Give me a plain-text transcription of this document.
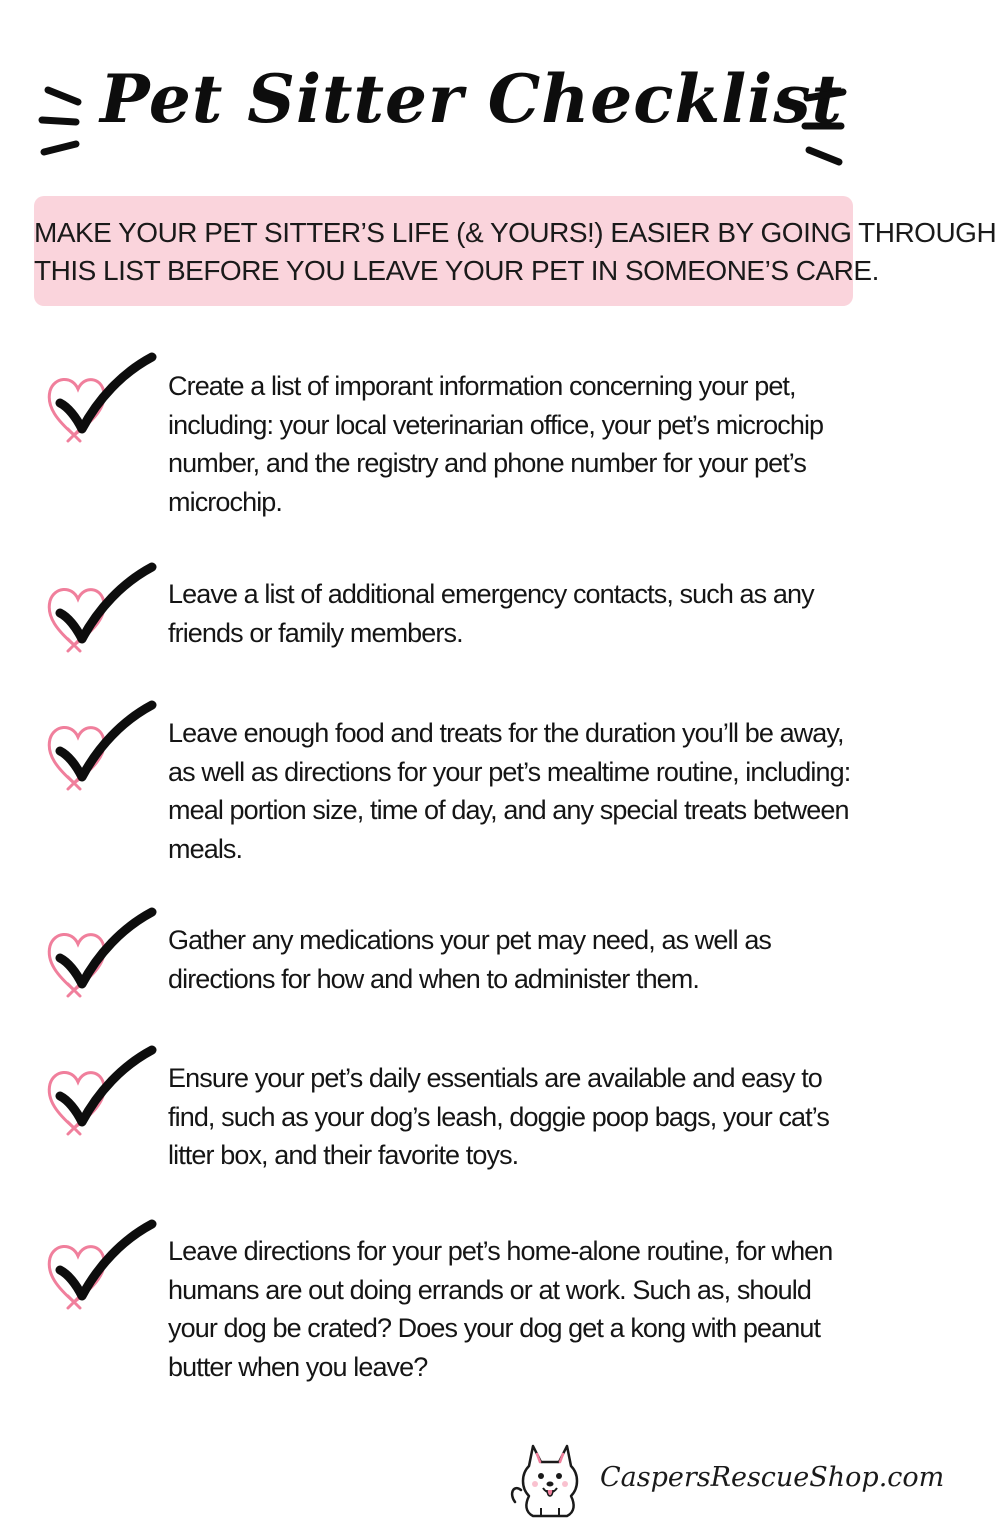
Pet Sitter Checklist
MAKE YOUR PET SITTER’S LIFE (& YOURS!) EASIER BY GOING THROUGH
THIS LIST BEFORE YOU LEAVE YOUR PET IN SOMEONE’S CARE.
Create a list of imporant information concerning your pet, including: your local veterinarian office, your pet’s microchip number, and the registry and phone number for your pet’s microchip.
Leave a list of additional emergency contacts, such as any friends or family members.
Leave enough food and treats for the duration you’ll be away, as well as directions for your pet’s mealtime routine, including: meal portion size, time of day, and any special treats between meals.
Gather any medications your pet may need, as well as directions for how and when to administer them.
Ensure your pet’s daily essentials are available and easy to find, such as your dog’s leash, doggie poop bags, your cat’s litter box, and their favorite toys.
Leave directions for your pet’s home-alone routine, for when humans are out doing errands or at work. Such as, should your dog be crated? Does your dog get a kong with peanut butter when you leave?
CaspersRescueShop.com
